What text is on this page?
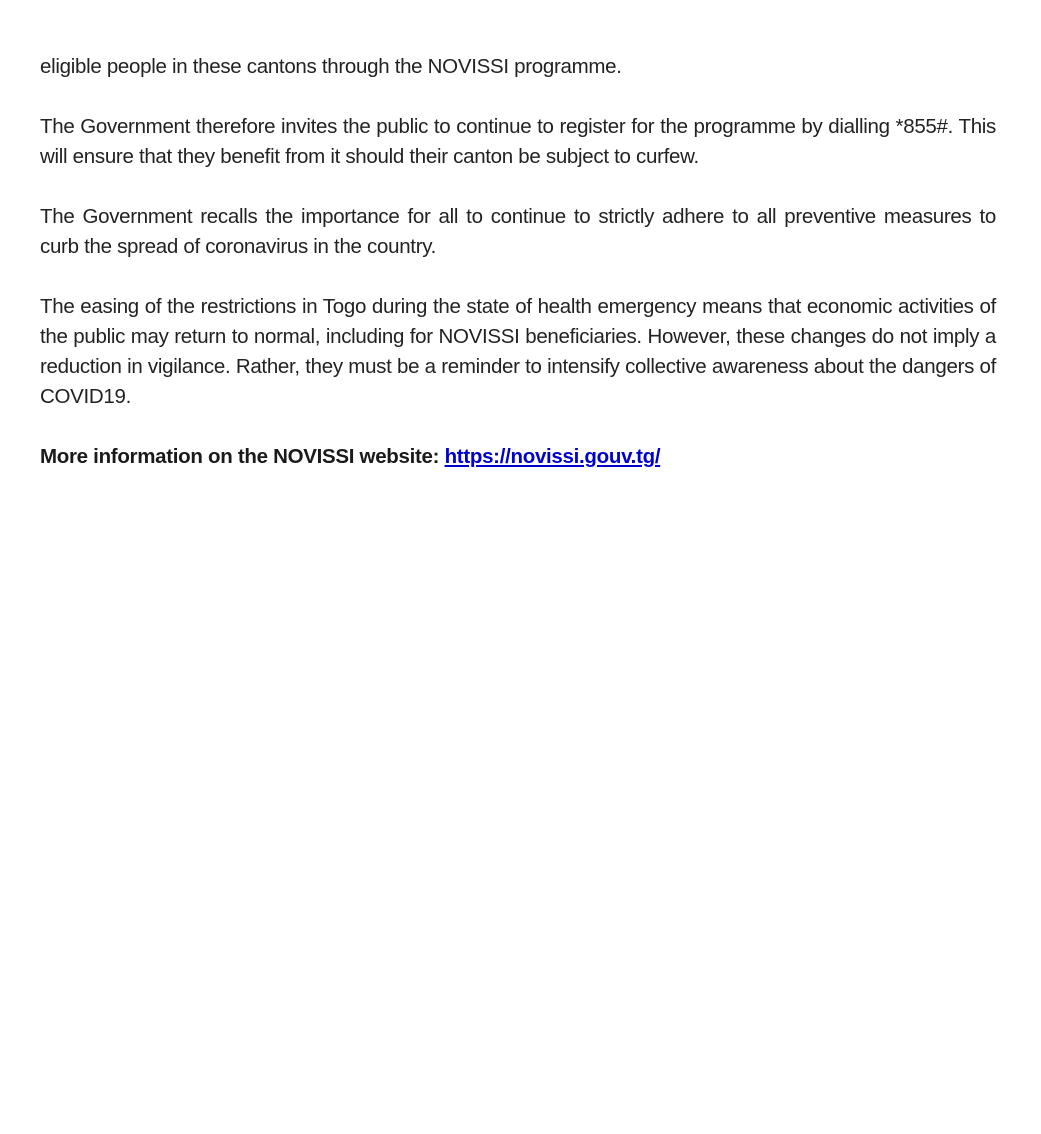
eligible people in these cantons through the NOVISSI programme.

The Government therefore invites the public to continue to register for the programme by dialling *855#. This will ensure that they benefit from it should their canton be subject to curfew.

The Government recalls the importance for all to continue to strictly adhere to all preventive measures to curb the spread of coronavirus in the country.

The easing of the restrictions in Togo during the state of health emergency means that economic activities of the public may return to normal, including for NOVISSI beneficiaries. However, these changes do not imply a reduction in vigilance. Rather, they must be a reminder to intensify collective awareness about the dangers of COVID19.

More information on the NOVISSI website: https://novissi.gouv.tg/
